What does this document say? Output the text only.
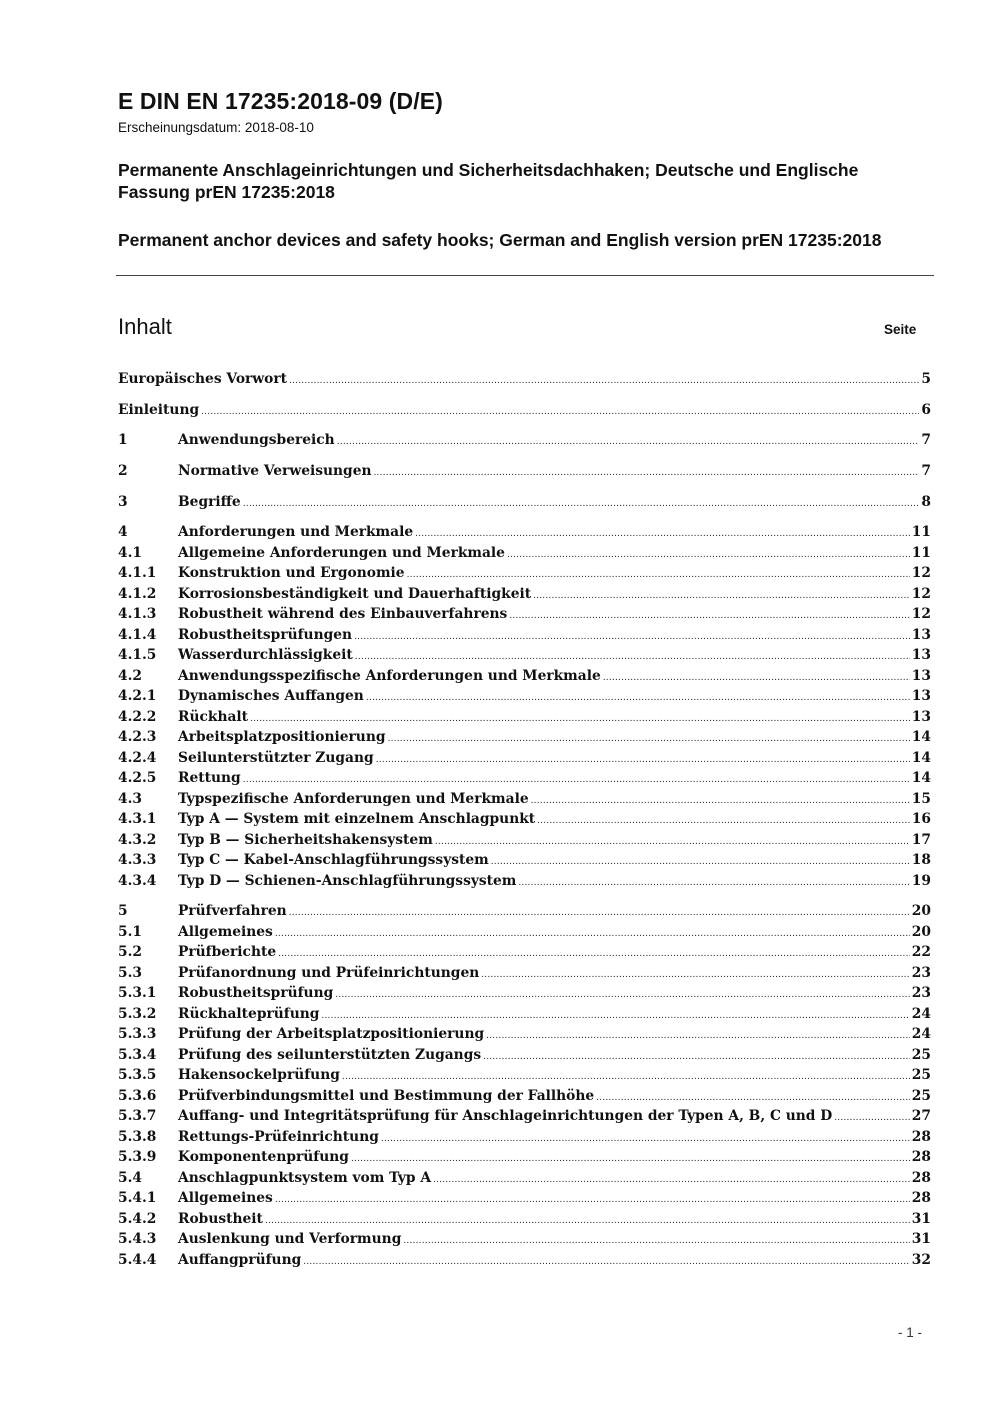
E DIN EN 17235:2018-09 (D/E)
Erscheinungsdatum: 2018-08-10
Permanente Anschlageinrichtungen und Sicherheitsdachhaken; Deutsche und Englische Fassung prEN 17235:2018
Permanent anchor devices and safety hooks; German and English version prEN 17235:2018
Inhalt	Seite
Europäisches Vorwort .....	5
Einleitung .....	6
1	Anwendungsbereich .....	7
2	Normative Verweisungen .....	7
3	Begriffe .....	8
4	Anforderungen und Merkmale .....	11
4.1	Allgemeine Anforderungen und Merkmale .....	11
4.1.1	Konstruktion und Ergonomie .....	12
4.1.2	Korrosionsbeständigkeit und Dauerhaftigkeit .....	12
4.1.3	Robustheit während des Einbauverfahrens .....	12
4.1.4	Robustheitsprüfungen .....	13
4.1.5	Wasserdurchlässigkeit .....	13
4.2	Anwendungsspezifische Anforderungen und Merkmale .....	13
4.2.1	Dynamisches Auffangen .....	13
4.2.2	Rückhalt .....	13
4.2.3	Arbeitsplatzpositionierung .....	14
4.2.4	Seilunterstützter Zugang .....	14
4.2.5	Rettung .....	14
4.3	Typspezifische Anforderungen und Merkmale .....	15
4.3.1	Typ A — System mit einzelnem Anschlagpunkt .....	16
4.3.2	Typ B — Sicherheitshakensystem .....	17
4.3.3	Typ C — Kabel-Anschlagführungssystem .....	18
4.3.4	Typ D — Schienen-Anschlagführungssystem .....	19
5	Prüfverfahren .....	20
5.1	Allgemeines .....	20
5.2	Prüfberichte .....	22
5.3	Prüfanordnung und Prüfeinrichtungen .....	23
5.3.1	Robustheitsprüfung .....	23
5.3.2	Rückhalteprüfung .....	24
5.3.3	Prüfung der Arbeitsplatzpositionierung .....	24
5.3.4	Prüfung des seilunterstützten Zugangs .....	25
5.3.5	Hakensockelprüfung .....	25
5.3.6	Prüfverbindungsmittel und Bestimmung der Fallhöhe .....	25
5.3.7	Auffang- und Integritätsprüfung für Anschlageinrichtungen der Typen A, B, C und D .....	27
5.3.8	Rettungs-Prüfeinrichtung .....	28
5.3.9	Komponentenprüfung .....	28
5.4	Anschlagpunktsystem vom Typ A .....	28
5.4.1	Allgemeines .....	28
5.4.2	Robustheit .....	31
5.4.3	Auslenkung und Verformung .....	31
5.4.4	Auffangprüfung .....	32
- 1 -
